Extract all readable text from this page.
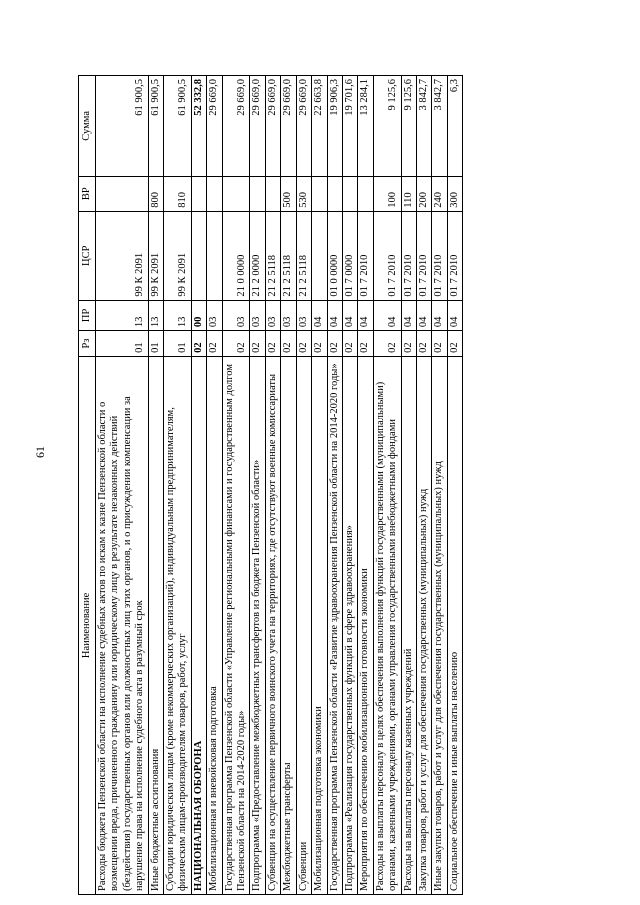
61
Наименование	Рз	ПР	ЦСР	ВР	Сумма
Расходы бюджета Пензенской области на исполнение судебных актов по искам к казне Пензенской области о возмещении вреда, причиненного гражданину или юридическому лицу в результате незаконных действий (бездействия) государственных органов или должностных лиц этих органов, и о присуждении компенсации за нарушение права на исполнение судебного акта в разумный срок	01	13	99 К 2091		61 900,5
Иные бюджетные ассигнования	01	13	99 К 2091	800	61 900,5
Субсидии юридическим лицам (кроме некоммерческих организаций), индивидуальным предпринимателям, физическим лицам-производителям товаров, работ, услуг	01	13	99 К 2091	810	61 900,5
НАЦИОНАЛЬНАЯ ОБОРОНА	02	00			52 332,8
Мобилизационная и вневойсковая подготовка	02	03			29 669,0
Государственная программа Пензенской области «Управление региональными финансами и государственным долгом Пензенской области на 2014-2020 годы»	02	03	21 0 0000		29 669,0
Подпрограмма «Предоставление межбюджетных трансфертов из бюджета Пензенской области»	02	03	21 2 0000		29 669,0
Субвенции на осуществление первичного воинского учета на территориях, где отсутствуют военные комиссариаты	02	03	21 2 5118		29 669,0
Межбюджетные трансферты	02	03	21 2 5118	500	29 669,0
Субвенции	02	03	21 2 5118	530	29 669,0
Мобилизационная подготовка экономики	02	04			22 663,8
Государственная программа Пензенской области «Развитие здравоохранения Пензенской области на 2014-2020 годы»	02	04	01 0 0000		19 906,3
Подпрограмма «Реализация государственных функций в сфере здравоохранения»	02	04	01 7 0000		19 701,6
Мероприятия по обеспечению мобилизационной готовности экономики	02	04	01 7 2010		13 284,1
Расходы на выплаты персоналу в целях обеспечения выполнения функций государственными (муниципальными) органами, казенными учреждениями, органами управления государственными внебюджетными фондами	02	04	01 7 2010	100	9 125,6
Расходы на выплаты персоналу казенных учреждений	02	04	01 7 2010	110	9 125,6
Закупка товаров, работ и услуг для обеспечения государственных (муниципальных) нужд	02	04	01 7 2010	200	3 842,7
Иные закупки товаров, работ и услуг для обеспечения государственных (муниципальных) нужд	02	04	01 7 2010	240	3 842,7
Социальное обеспечение и иные выплаты населению	02	04	01 7 2010	300	6,3
